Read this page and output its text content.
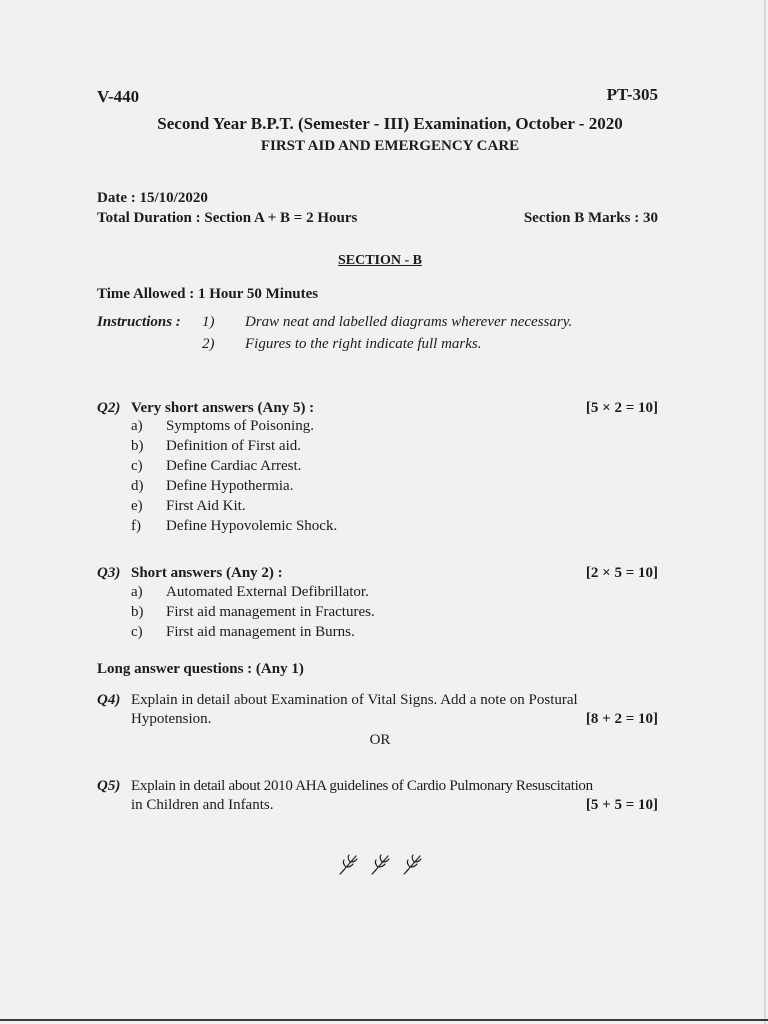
V-440	PT-305
Second Year B.P.T. (Semester - III) Examination, October - 2020
FIRST AID AND EMERGENCY CARE
Date : 15/10/2020
Total Duration : Section A + B = 2 Hours	Section B Marks : 30
SECTION - B
Time Allowed : 1 Hour 50 Minutes
Instructions : 1) Draw neat and labelled diagrams wherever necessary.
2) Figures to the right indicate full marks.
Q2) Very short answers (Any 5) :	[5 × 2 = 10]
a) Symptoms of Poisoning.
b) Definition of First aid.
c) Define Cardiac Arrest.
d) Define Hypothermia.
e) First Aid Kit.
f) Define Hypovolemic Shock.
Q3) Short answers (Any 2) :	[2 × 5 = 10]
a) Automated External Defibrillator.
b) First aid management in Fractures.
c) First aid management in Burns.
Long answer questions : (Any 1)
Q4) Explain in detail about Examination of Vital Signs. Add a note on Postural
Hypotension.	[8 + 2 = 10]
OR
Q5) Explain in detail about 2010 AHA guidelines of Cardio Pulmonary Resuscitation
in Children and Infants.	[5 + 5 = 10]
